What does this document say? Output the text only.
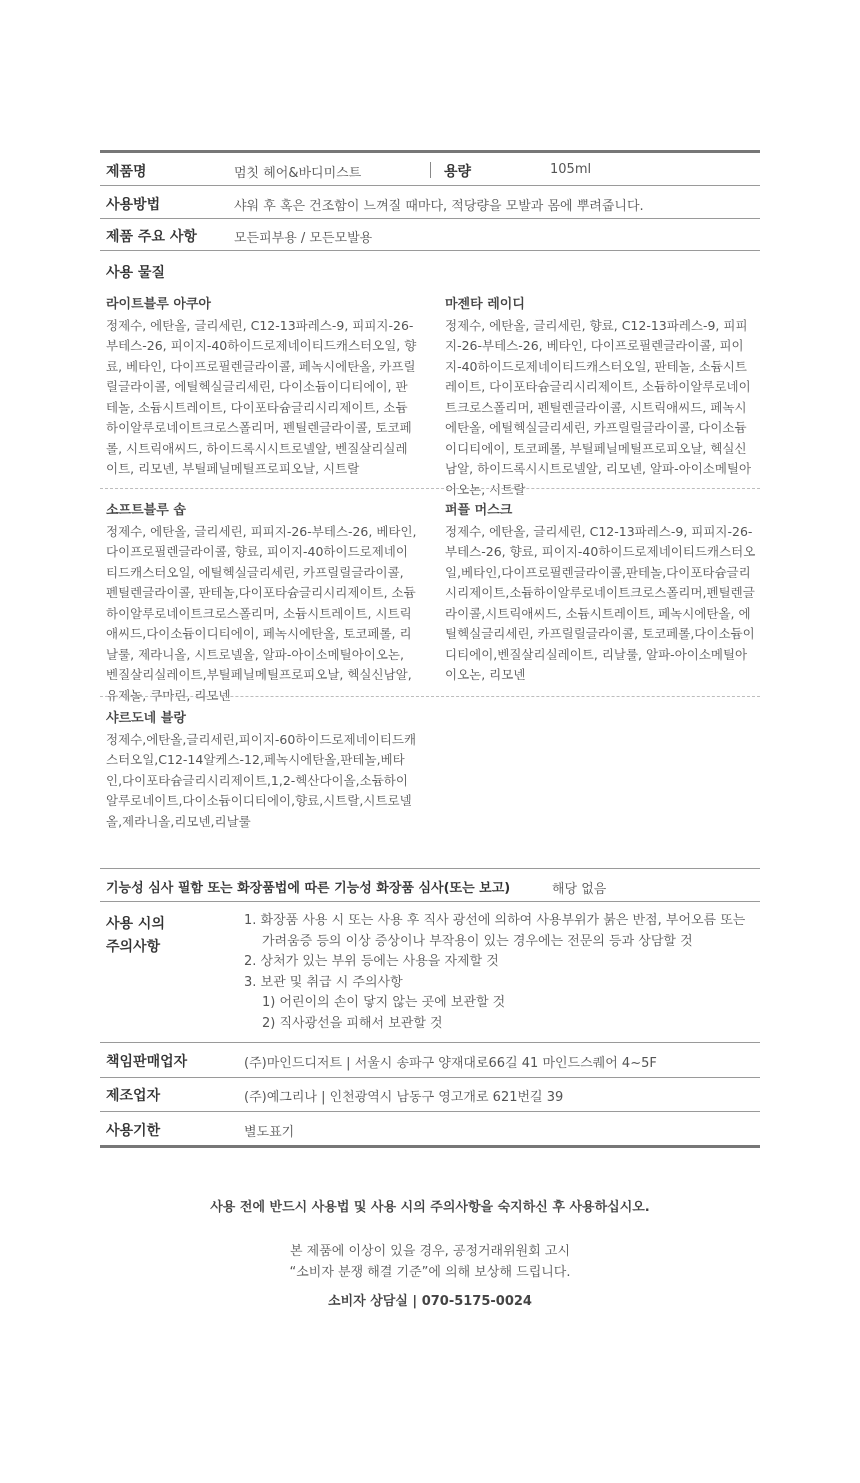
제품명	멈칫 헤어&바디미스트	용량	105ml
사용방법	샤워 후 혹은 건조함이 느껴질 때마다, 적당량을 모발과 몸에 뿌려줍니다.
제품 주요 사항	모든피부용 / 모든모발용
사용 물질
라이트블루 아쿠아
정제수, 에탄올, 글리세린, C12-13파레스-9, 피피지-26-부테스-26, 피이지-40하이드로제네이티드캐스터오일, 향료, 베타인, 다이프로필렌글라이콜, 페녹시에탄올, 카프릴릴글라이콜, 에틸헥실글리세린, 다이소듐이디티에이, 판테놀, 소듐시트레이트, 다이포타슘글리시리제이트, 소듐하이알루로네이트크로스폴리머, 펜틸렌글라이콜, 토코페롤, 시트릭애씨드, 하이드록시시트로넬알, 벤질살리실레이트, 리모넨, 부틸페닐메틸프로피오날, 시트랄
마젠타 레이디
정제수, 에탄올, 글리세린, 향료, C12-13파레스-9, 피피지-26-부테스-26, 베타인, 다이프로필렌글라이콜, 피이지-40하이드로제네이티드캐스터오일, 판테놀, 소듐시트레이트, 다이포타슘글리시리제이트, 소듐하이알루로네이트크로스폴리머, 펜틸렌글라이콜, 시트릭애씨드, 페녹시에탄올, 에틸헥실글리세린, 카프릴릴글라이콜, 다이소듐이디티에이, 토코페롤, 부틸페닐메틸프로피오날, 헥실신남알, 하이드록시시트로넬알, 리모넨, 알파-아이소메틸아이오논, 시트랄
소프트블루 솝
정제수, 에탄올, 글리세린, 피피지-26-부테스-26, 베타인, 다이프로필렌글라이콜, 향료, 피이지-40하이드로제네이티드캐스터오일, 에틸헥실글리세린, 카프릴릴글라이콜, 펜틸렌글라이콜, 판테놀,다이포타슘글리시리제이트, 소듐하이알루로네이트크로스폴리머, 소듐시트레이트, 시트릭애씨드,다이소듐이디티에이, 페녹시에탄올, 토코페롤, 리날룰, 제라니올, 시트로넬올, 알파-아이소메틸아이오논, 벤질살리실레이트,부틸페닐메틸프로피오날, 헥실신남알, 유제놀, 쿠마린, 리모넨
퍼플 머스크
정제수, 에탄올, 글리세린, C12-13파레스-9, 피피지-26-부테스-26, 향료, 피이지-40하이드로제네이티드캐스터오일,베타인,다이프로필렌글라이콜,판테놀,다이포타슘글리시리제이트,소듐하이알루로네이트크로스폴리머,펜틸렌글라이콜,시트릭애씨드, 소듐시트레이트, 페녹시에탄올, 에틸헥실글리세린, 카프릴릴글라이콜, 토코페롤,다이소듐이디티에이,벤질살리실레이트, 리날룰, 알파-아이소메틸아이오논, 리모넨
샤르도네 블랑
정제수,에탄올,글리세린,피이지-60하이드로제네이티드캐스터오일,C12-14알케스-12,페녹시에탄올,판테놀,베타인,다이포타슘글리시리제이트,1,2-헥산다이올,소듐하이알루로네이트,다이소듐이디티에이,향료,시트랄,시트로넬올,제라니올,리모넨,리날룰
기능성 심사 필함 또는 화장품법에 따른 기능성 화장품 심사(또는 보고)	해당 없음
사용 시의
주의사항
1. 화장품 사용 시 또는 사용 후 직사 광선에 의하여 사용부위가 붉은 반점, 부어오름 또는
가려움증 등의 이상 증상이나 부작용이 있는 경우에는 전문의 등과 상담할 것
2. 상처가 있는 부위 등에는 사용을 자제할 것
3. 보관 및 취급 시 주의사항
1) 어린이의 손이 닿지 않는 곳에 보관할 것
2) 직사광선을 피해서 보관할 것
책임판매업자	(주)마인드디저트 | 서울시 송파구 양재대로66길 41 마인드스퀘어 4~5F
제조업자	(주)예그리나 | 인천광역시 남동구 영고개로 621번길 39
사용기한	별도표기
사용 전에 반드시 사용법 및 사용 시의 주의사항을 숙지하신 후 사용하십시오.
본 제품에 이상이 있을 경우, 공정거래위원회 고시
“소비자 분쟁 해결 기준”에 의해 보상해 드립니다.
소비자 상담실 | 070-5175-0024
